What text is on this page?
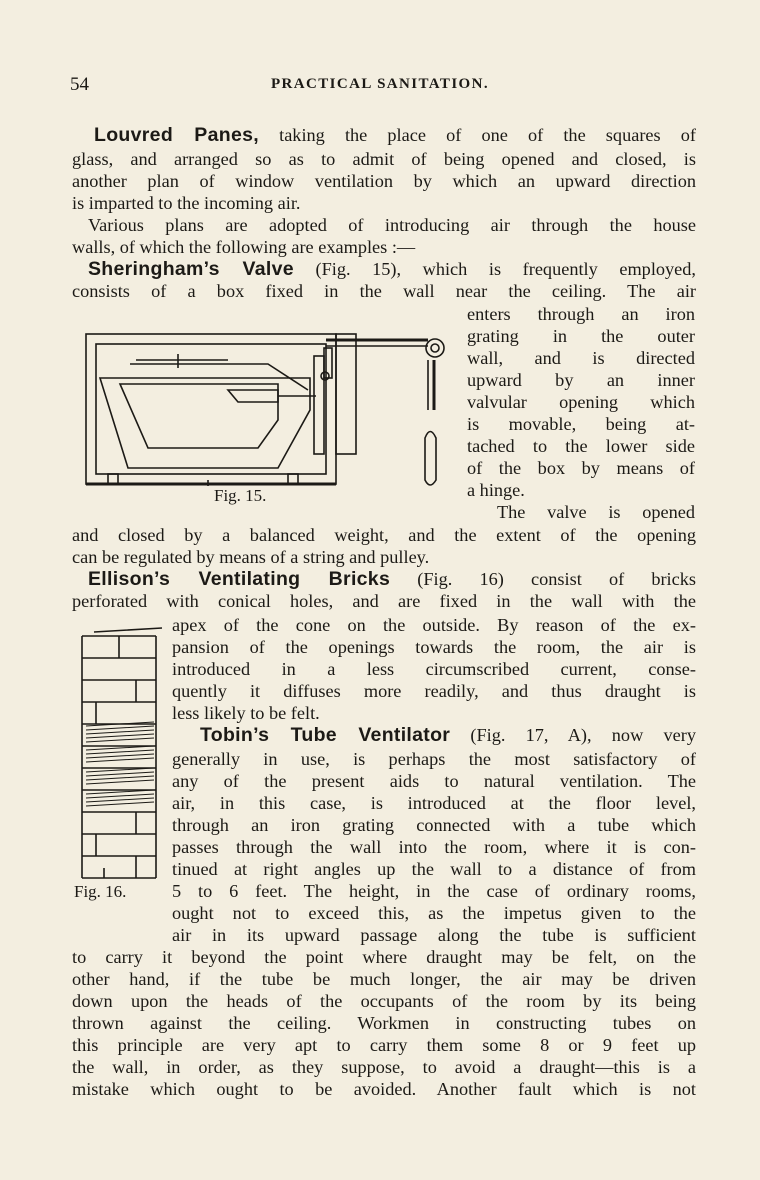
54	PRACTICAL SANITATION.
Fig. 15.
Fig. 16.
Louvred Panes, taking the place of one of the squares of
glass, and arranged so as to admit of being opened and closed, is
another plan of window ventilation by which an upward direction
is imparted to the incoming air.
Various plans are adopted of introducing air through the house
walls, of which the following are examples :—
Sheringham’s Valve (Fig. 15), which is frequently employed,
consists of a box fixed in the wall near the ceiling. The air
enters through an iron
grating in the outer
wall, and is directed
upward by an inner
valvular opening which
is movable, being at-
tached to the lower side
of the box by means of
a hinge.
The valve is opened
and closed by a balanced weight, and the extent of the opening
can be regulated by means of a string and pulley.
Ellison’s Ventilating Bricks (Fig. 16) consist of bricks
perforated with conical holes, and are fixed in the wall with the
apex of the cone on the outside. By reason of the ex-
pansion of the openings towards the room, the air is
introduced in a less circumscribed current, conse-
quently it diffuses more readily, and thus draught is
less likely to be felt.
Tobin’s Tube Ventilator (Fig. 17, A), now very
generally in use, is perhaps the most satisfactory of
any of the present aids to natural ventilation. The
air, in this case, is introduced at the floor level,
through an iron grating connected with a tube which
passes through the wall into the room, where it is con-
tinued at right angles up the wall to a distance of from
5 to 6 feet. The height, in the case of ordinary rooms,
ought not to exceed this, as the impetus given to the
air in its upward passage along the tube is sufficient
to carry it beyond the point where draught may be felt, on the
other hand, if the tube be much longer, the air may be driven
down upon the heads of the occupants of the room by its being
thrown against the ceiling. Workmen in constructing tubes on
this principle are very apt to carry them some 8 or 9 feet up
the wall, in order, as they suppose, to avoid a draught—this is a
mistake which ought to be avoided. Another fault which is not
